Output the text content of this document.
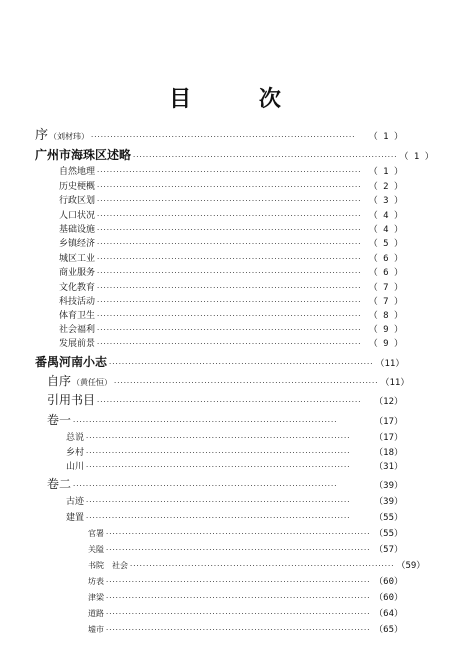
目 次
序 （刘材玮） ··················································································	（ 1 ）
广州市海珠区述略 ·················································································· （ 1 ）
自然地理 ·················································································· （ 1 ）
历史梗概 ·················································································· （ 2 ）
行政区划 ·················································································· （ 3 ）
人口状况 ·················································································· （ 4 ）
基础设施 ·················································································· （ 4 ）
乡镇经济 ·················································································· （ 5 ）
城区工业 ·················································································· （ 6 ）
商业服务 ·················································································· （ 6 ）
文化教育 ·················································································· （ 7 ）
科技活动 ·················································································· （ 7 ）
体育卫生 ·················································································· （ 8 ）
社会福利 ·················································································· （ 9 ）
发展前景 ·················································································· （ 9 ）
番禺河南小志 ·················································································· （11）
自序 （黄任恒） ·················································································· （11）
引用书目 ··················································································	（12）
卷一 ··················································································	（17）
总说 ··················································································	（17）
乡村 ··················································································	（18）
山川 ··················································································	（31）
卷二 ··················································································	（39）
古迹 ··················································································	（39）
建置 ··················································································	（55）
官署 ·················································································· （55）
关隘 ·················································································· （57）
书院　社会 ·················································································· （59）
坊表 ·················································································· （60）
津梁 ·················································································· （60）
道路 ·················································································· （64）
墟市 ·················································································· （65）
